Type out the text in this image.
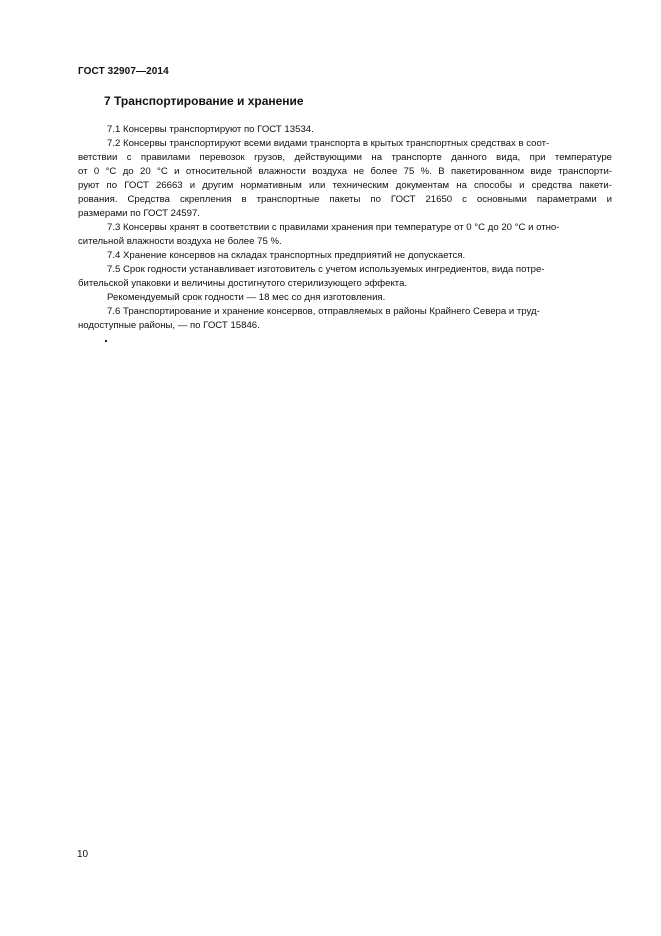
ГОСТ 32907—2014
7 Транспортирование и хранение
7.1 Консервы транспортируют по ГОСТ 13534.
7.2 Консервы транспортируют всеми видами транспорта в крытых транспортных средствах в соот-
ветствии с правилами перевозок грузов, действующими на транспорте данного вида, при температуре
от 0 °С до 20 °С и относительной влажности воздуха не более 75 %. В пакетированном виде транспорти-
руют по ГОСТ 26663 и другим нормативным или техническим документам на способы и средства пакети-
рования. Средства скрепления в транспортные пакеты по ГОСТ 21650 с основными параметрами и
размерами по ГОСТ 24597.
7.3 Консервы хранят в соответствии с правилами хранения при температуре от 0 °С до 20 °С и отно-
сительной влажности воздуха не более 75 %.
7.4 Хранение консервов на складах транспортных предприятий не допускается.
7.5 Срок годности устанавливает изготовитель с учетом используемых ингредиентов, вида потре-
бительской упаковки и величины достигнутого стерилизующего эффекта.
Рекомендуемый срок годности — 18 мес со дня изготовления.
7.6 Транспортирование и хранение консервов, отправляемых в районы Крайнего Севера и труд-
нодоступные районы, — по ГОСТ 15846.
10
